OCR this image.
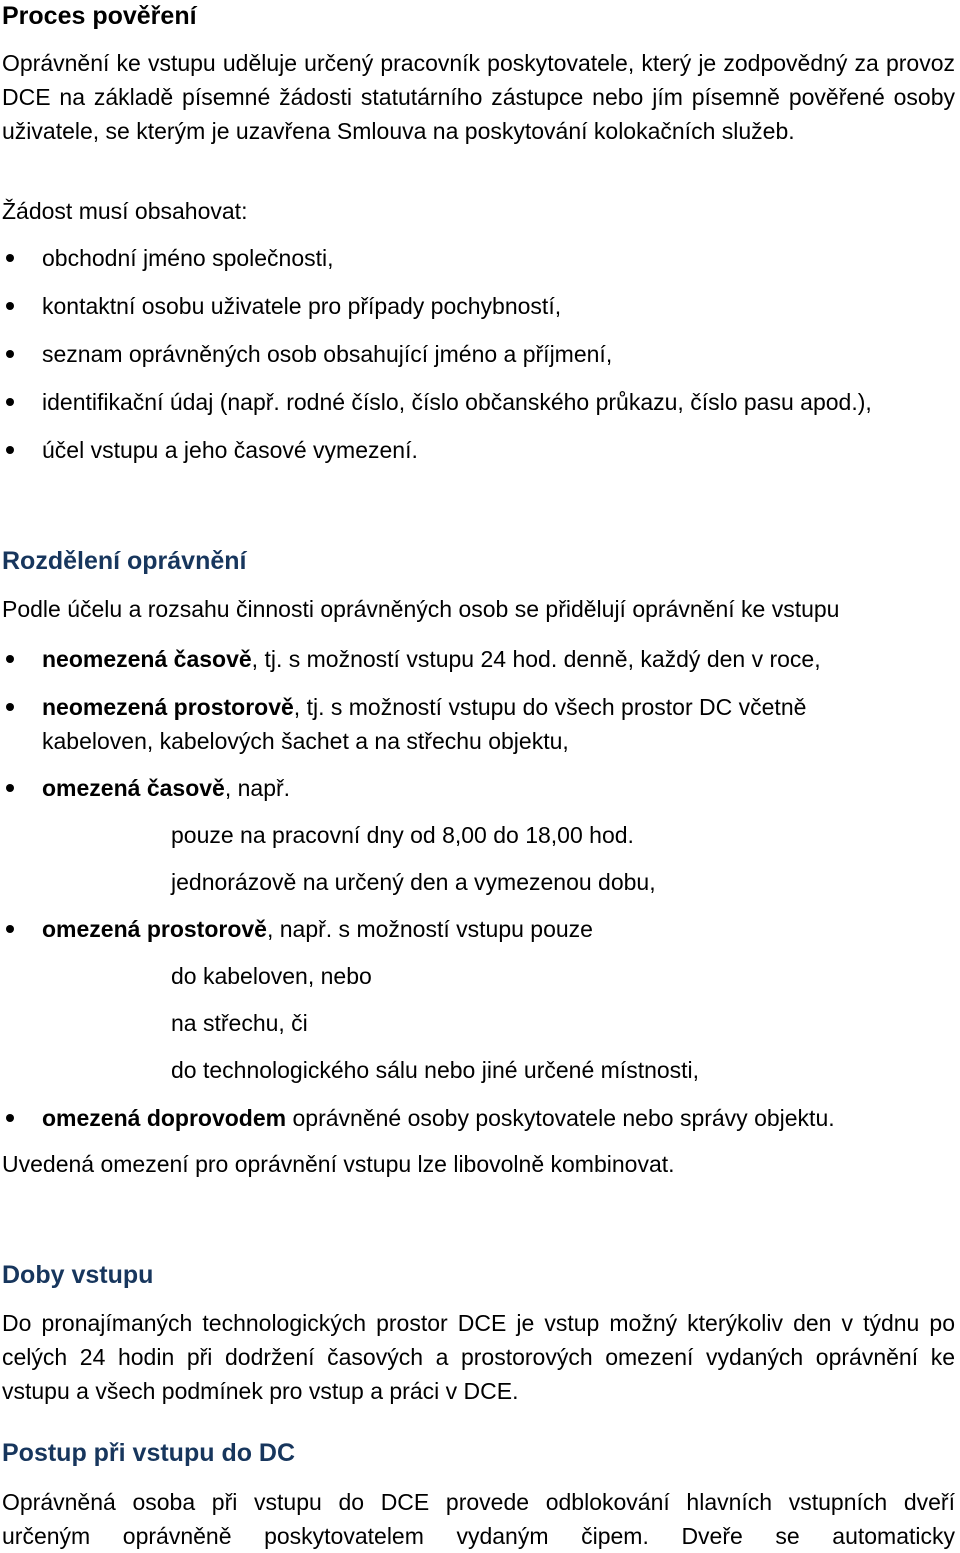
Proces pověření

Oprávnění ke vstupu uděluje určený pracovník poskytovatele, který je zodpovědný za provoz DCE na základě písemné žádosti statutárního zástupce nebo jím písemně pověřené osoby uživatele, se kterým je uzavřena Smlouva na poskytování kolokačních služeb.

Žádost musí obsahovat:

obchodní jméno společnosti,
kontaktní osobu uživatele pro případy pochybností,
seznam oprávněných osob obsahující jméno a příjmení,
identifikační údaj (např. rodné číslo, číslo občanského průkazu, číslo pasu apod.),
účel vstupu a jeho časové vymezení.
Rozdělení oprávnění

Podle účelu a rozsahu činnosti oprávněných osob se přidělují oprávnění ke vstupu

neomezená časově, tj. s možností vstupu 24 hod. denně, každý den v roce,
neomezená prostorově, tj. s možností vstupu do všech prostor DC včetně
kabeloven, kabelových šachet a na střechu objektu,
omezená časově, např.
pouze na pracovní dny od 8,00 do 18,00 hod.
jednorázově na určený den a vymezenou dobu,
omezená prostorově, např. s možností vstupu pouze
do kabeloven, nebo
na střechu, či
do technologického sálu nebo jiné určené místnosti,
omezená doprovodem oprávněné osoby poskytovatele nebo správy objektu.

Uvedená omezení pro oprávnění vstupu lze libovolně kombinovat.

Doby vstupu

Do pronajímaných technologických prostor DCE je vstup možný kterýkoliv den v týdnu po celých 24 hodin při dodržení časových a prostorových omezení vydaných oprávnění ke vstupu a všech podmínek pro vstup a práci v DCE.

Postup při vstupu do DC

Oprávněná osoba při vstupu do DCE provede odblokování hlavních vstupních dveří

určeným oprávněně poskytovatelem vydaným čipem. Dveře se automaticky
